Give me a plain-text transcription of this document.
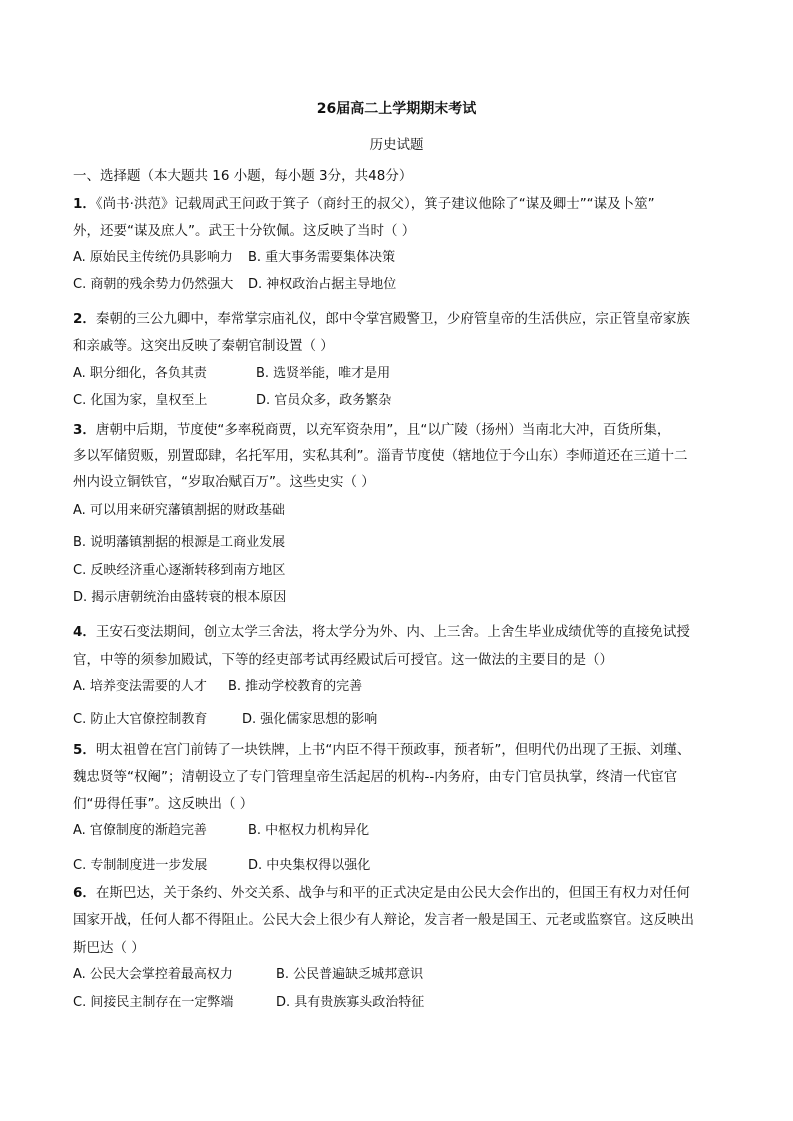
26届高二上学期期末考试
历史试题
一、选择题（本大题共 16 小题，每小题 3分，共48分）
1．《尚书·洪范》记载周武王问政于箕子（商纣王的叔父），箕子建议他除了“谋及卿士”“谋及卜筮”
外，还要“谋及庶人”。武王十分钦佩。这反映了当时（ ）
A. 原始民主传统仍具影响力 B. 重大事务需要集体决策
C. 商朝的残余势力仍然强大 D. 神权政治占据主导地位
2．秦朝的三公九卿中，奉常掌宗庙礼仪，郎中令掌宫殿警卫，少府管皇帝的生活供应，宗正管皇帝家族
和亲戚等。这突出反映了秦朝官制设置（ ）
A. 职分细化，各负其责	B. 选贤举能，唯才是用
C. 化国为家，皇权至上	D. 官员众多，政务繁杂
3．唐朝中后期，节度使“多率税商贾，以充军资杂用”，且“以广陵（扬州）当南北大冲，百货所集，
多以军储贸贩，别置邸肆，名托军用，实私其利”。淄青节度使（辖地位于今山东）李师道还在三道十二
州内设立铜铁官，“岁取冶赋百万”。这些史实（ ）
A. 可以用来研究藩镇割据的财政基础
B. 说明藩镇割据的根源是工商业发展
C. 反映经济重心逐渐转移到南方地区
D. 揭示唐朝统治由盛转衰的根本原因
4．王安石变法期间，创立太学三舍法，将太学分为外、内、上三舍。上舍生毕业成绩优等的直接免试授
官，中等的须参加殿试，下等的经吏部考试再经殿试后可授官。这一做法的主要目的是（）
A. 培养变法需要的人才 B. 推动学校教育的完善
C. 防止大官僚控制教育	D. 强化儒家思想的影响
5．明太祖曾在宫门前铸了一块铁牌，上书“内臣不得干预政事，预者斩”，但明代仍出现了王振、刘瑾、
魏忠贤等“权阉”；清朝设立了专门管理皇帝生活起居的机构--内务府，由专门官员执掌，终清一代宦官
们“毋得任事”。这反映出（ ）
A. 官僚制度的渐趋完善	B. 中枢权力机构异化
C. 专制制度进一步发展	D. 中央集权得以强化
6．在斯巴达，关于条约、外交关系、战争与和平的正式决定是由公民大会作出的，但国王有权力对任何
国家开战，任何人都不得阻止。公民大会上很少有人辩论，发言者一般是国王、元老或监察官。这反映出
斯巴达（ ）
A. 公民大会掌控着最高权力	B. 公民普遍缺乏城邦意识
C. 间接民主制存在一定弊端	D. 具有贵族寡头政治特征
